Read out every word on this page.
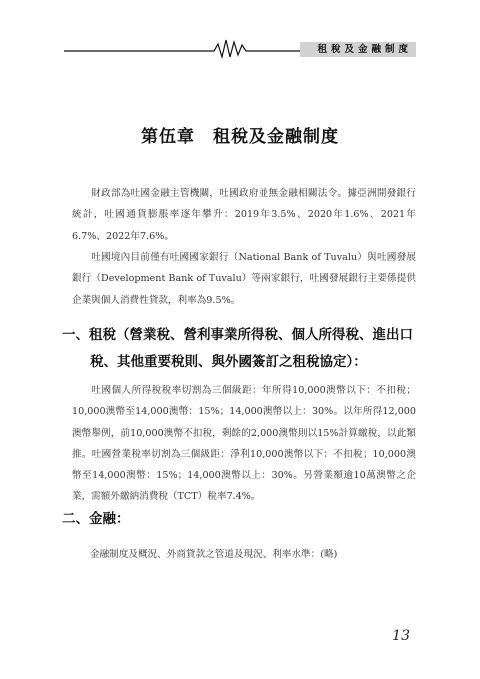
租稅及金融制度
第伍章　租稅及金融制度
財政部為吐國金融主管機關，吐國政府並無金融相關法令。據亞洲開發銀行統計，吐國通貨膨脹率逐年攀升：2019年3.5%、2020年1.6%、2021年6.7%、2022年7.6%。
吐國境內目前僅有吐國國家銀行（National Bank of Tuvalu）與吐國發展銀行（Development Bank of Tuvalu）等兩家銀行，吐國發展銀行主要係提供企業與個人消費性貸款，利率為9.5%。
一、租稅（營業稅、營利事業所得稅、個人所得稅、進出口
稅、其他重要稅則、與外國簽訂之租稅協定）：
吐國個人所得稅稅率切割為三個級距：年所得10,000澳幣以下：不扣稅；10,000澳幣至14,000澳幣：15%；14,000澳幣以上：30%。以年所得12,000澳幣舉例，前10,000澳幣不扣稅，剩餘的2,000澳幣則以15%計算繳稅，以此類推。吐國營業稅率切割為三個級距：淨利10,000澳幣以下：不扣稅；10,000澳幣至14,000澳幣：15%；14,000澳幣以上：30%。另營業額逾10萬澳幣之企業，需額外繳納消費稅（TCT）稅率7.4%。
二、金融：
金融制度及概況、外商貸款之管道及現況、利率水準：(略)
13
